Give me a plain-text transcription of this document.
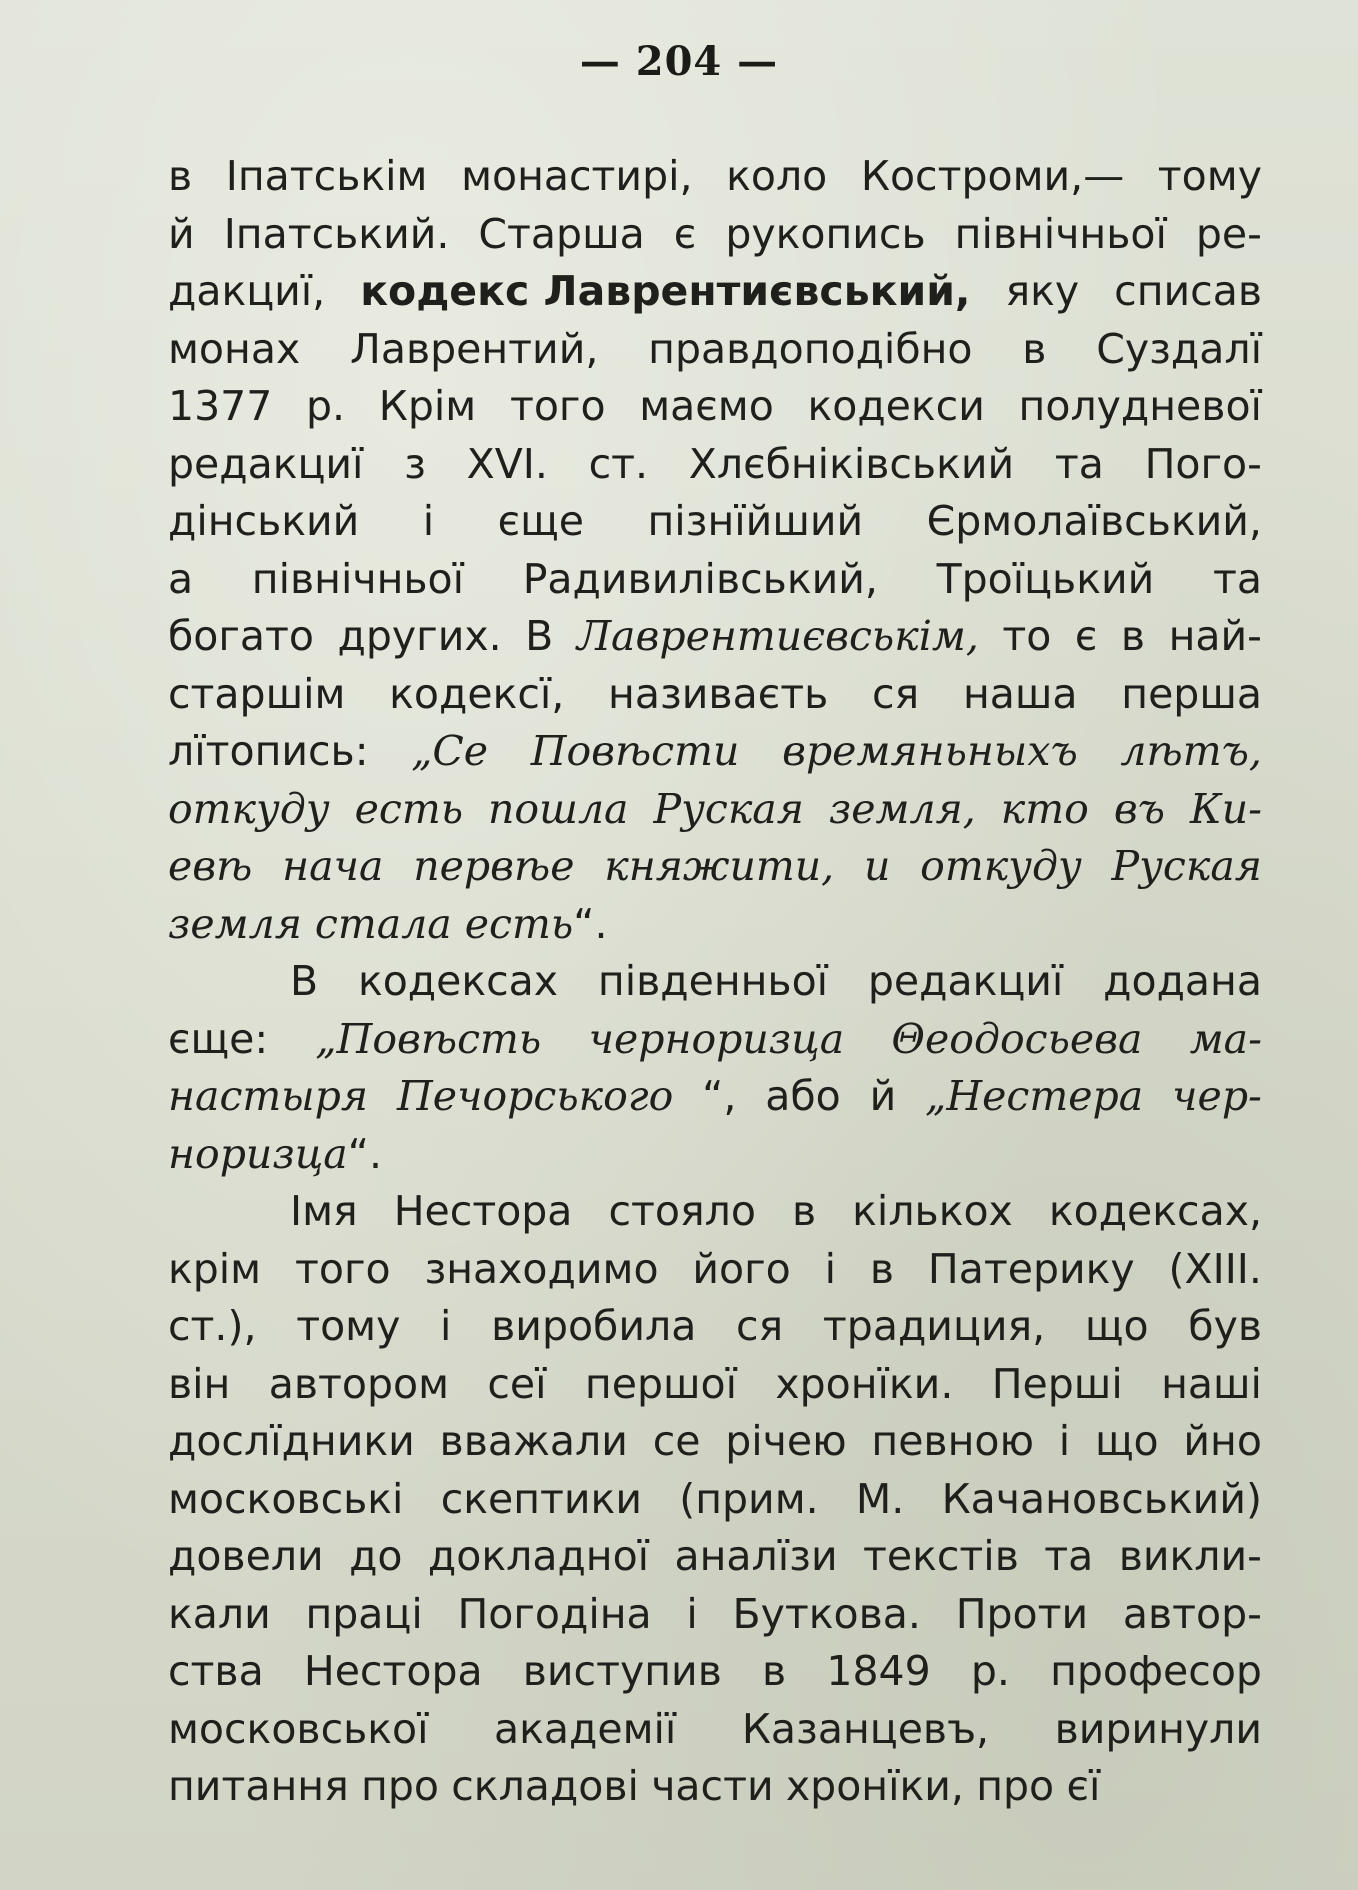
— 204 —
в Іпатськім монастирі, коло Костроми,— тому
й Іпатський. Старша є рукопись північньої ре-
дакциї, кодекс Лаврентиєвський, яку списав
монах Лаврентий, правдоподібно в Суздалї
1377 р. Крім того маємо кодекси полудневої
редакциї з XVI. ст. Хлєбніківський та Пого-
дінський і єще пізнїйший Єрмолаївський,
а північньої Радивилівський, Троїцький та
богато других. В Лаврентиєвськім, то є в най-
старшім кодексї, називаєть ся наша перша
лїтопись: „Се Повѣсти времяньныхъ лѣтъ,
откуду есть пошла Руская земля, кто въ Ки-
евѣ нача первѣе княжити, и откуду Руская
земля стала есть “.
В кодексах південньої редакциї додана
єще: „Повѣсть черноризца Θеодосьева ма-
настыря Печорського “, або й „Нестера чер-
норизца “.
Імя Нестора стояло в кількох кодексах,
крім того знаходимо його і в Патерику (XIII.
ст.), тому і виробила ся традиция, що був
він автором сеї першої хронїки. Перші наші
дослїдники вважали се річею певною і що йно
московські скептики (прим. М. Качановський)
довели до докладної аналїзи текстів та викли-
кали праці Погодіна і Буткова. Проти автор-
ства Нестора виступив в 1849 р. професор
московської академії Казанцевъ, виринули
питання про складові части хронїки, про єї
